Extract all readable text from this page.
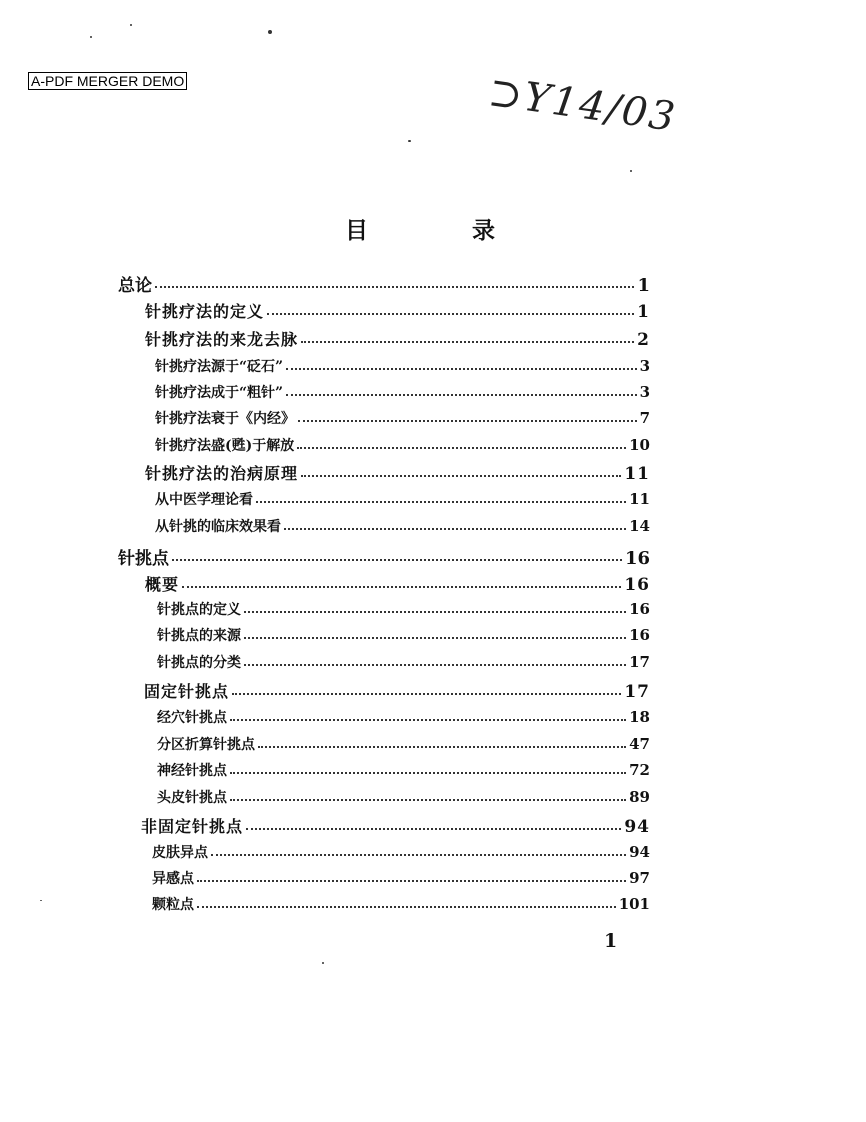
A-PDF MERGER DEMO	⊃Y14/03
目 录
总论	1
针挑疗法的定义	1
针挑疗法的来龙去脉	2
针挑疗法源于“砭石”	3
针挑疗法成于“粗针”	3
针挑疗法衰于《内经》	7
针挑疗法盛(甦)于解放	10
针挑疗法的治病原理	11
从中医学理论看	11
从针挑的临床效果看	14
针挑点	16
概要	16
针挑点的定义	16
针挑点的来源	16
针挑点的分类	17
固定针挑点	17
经穴针挑点	18
分区折算针挑点	47
神经针挑点	72
头皮针挑点	89
非固定针挑点	94
皮肤异点	94
异感点	97
颗粒点	101
1
